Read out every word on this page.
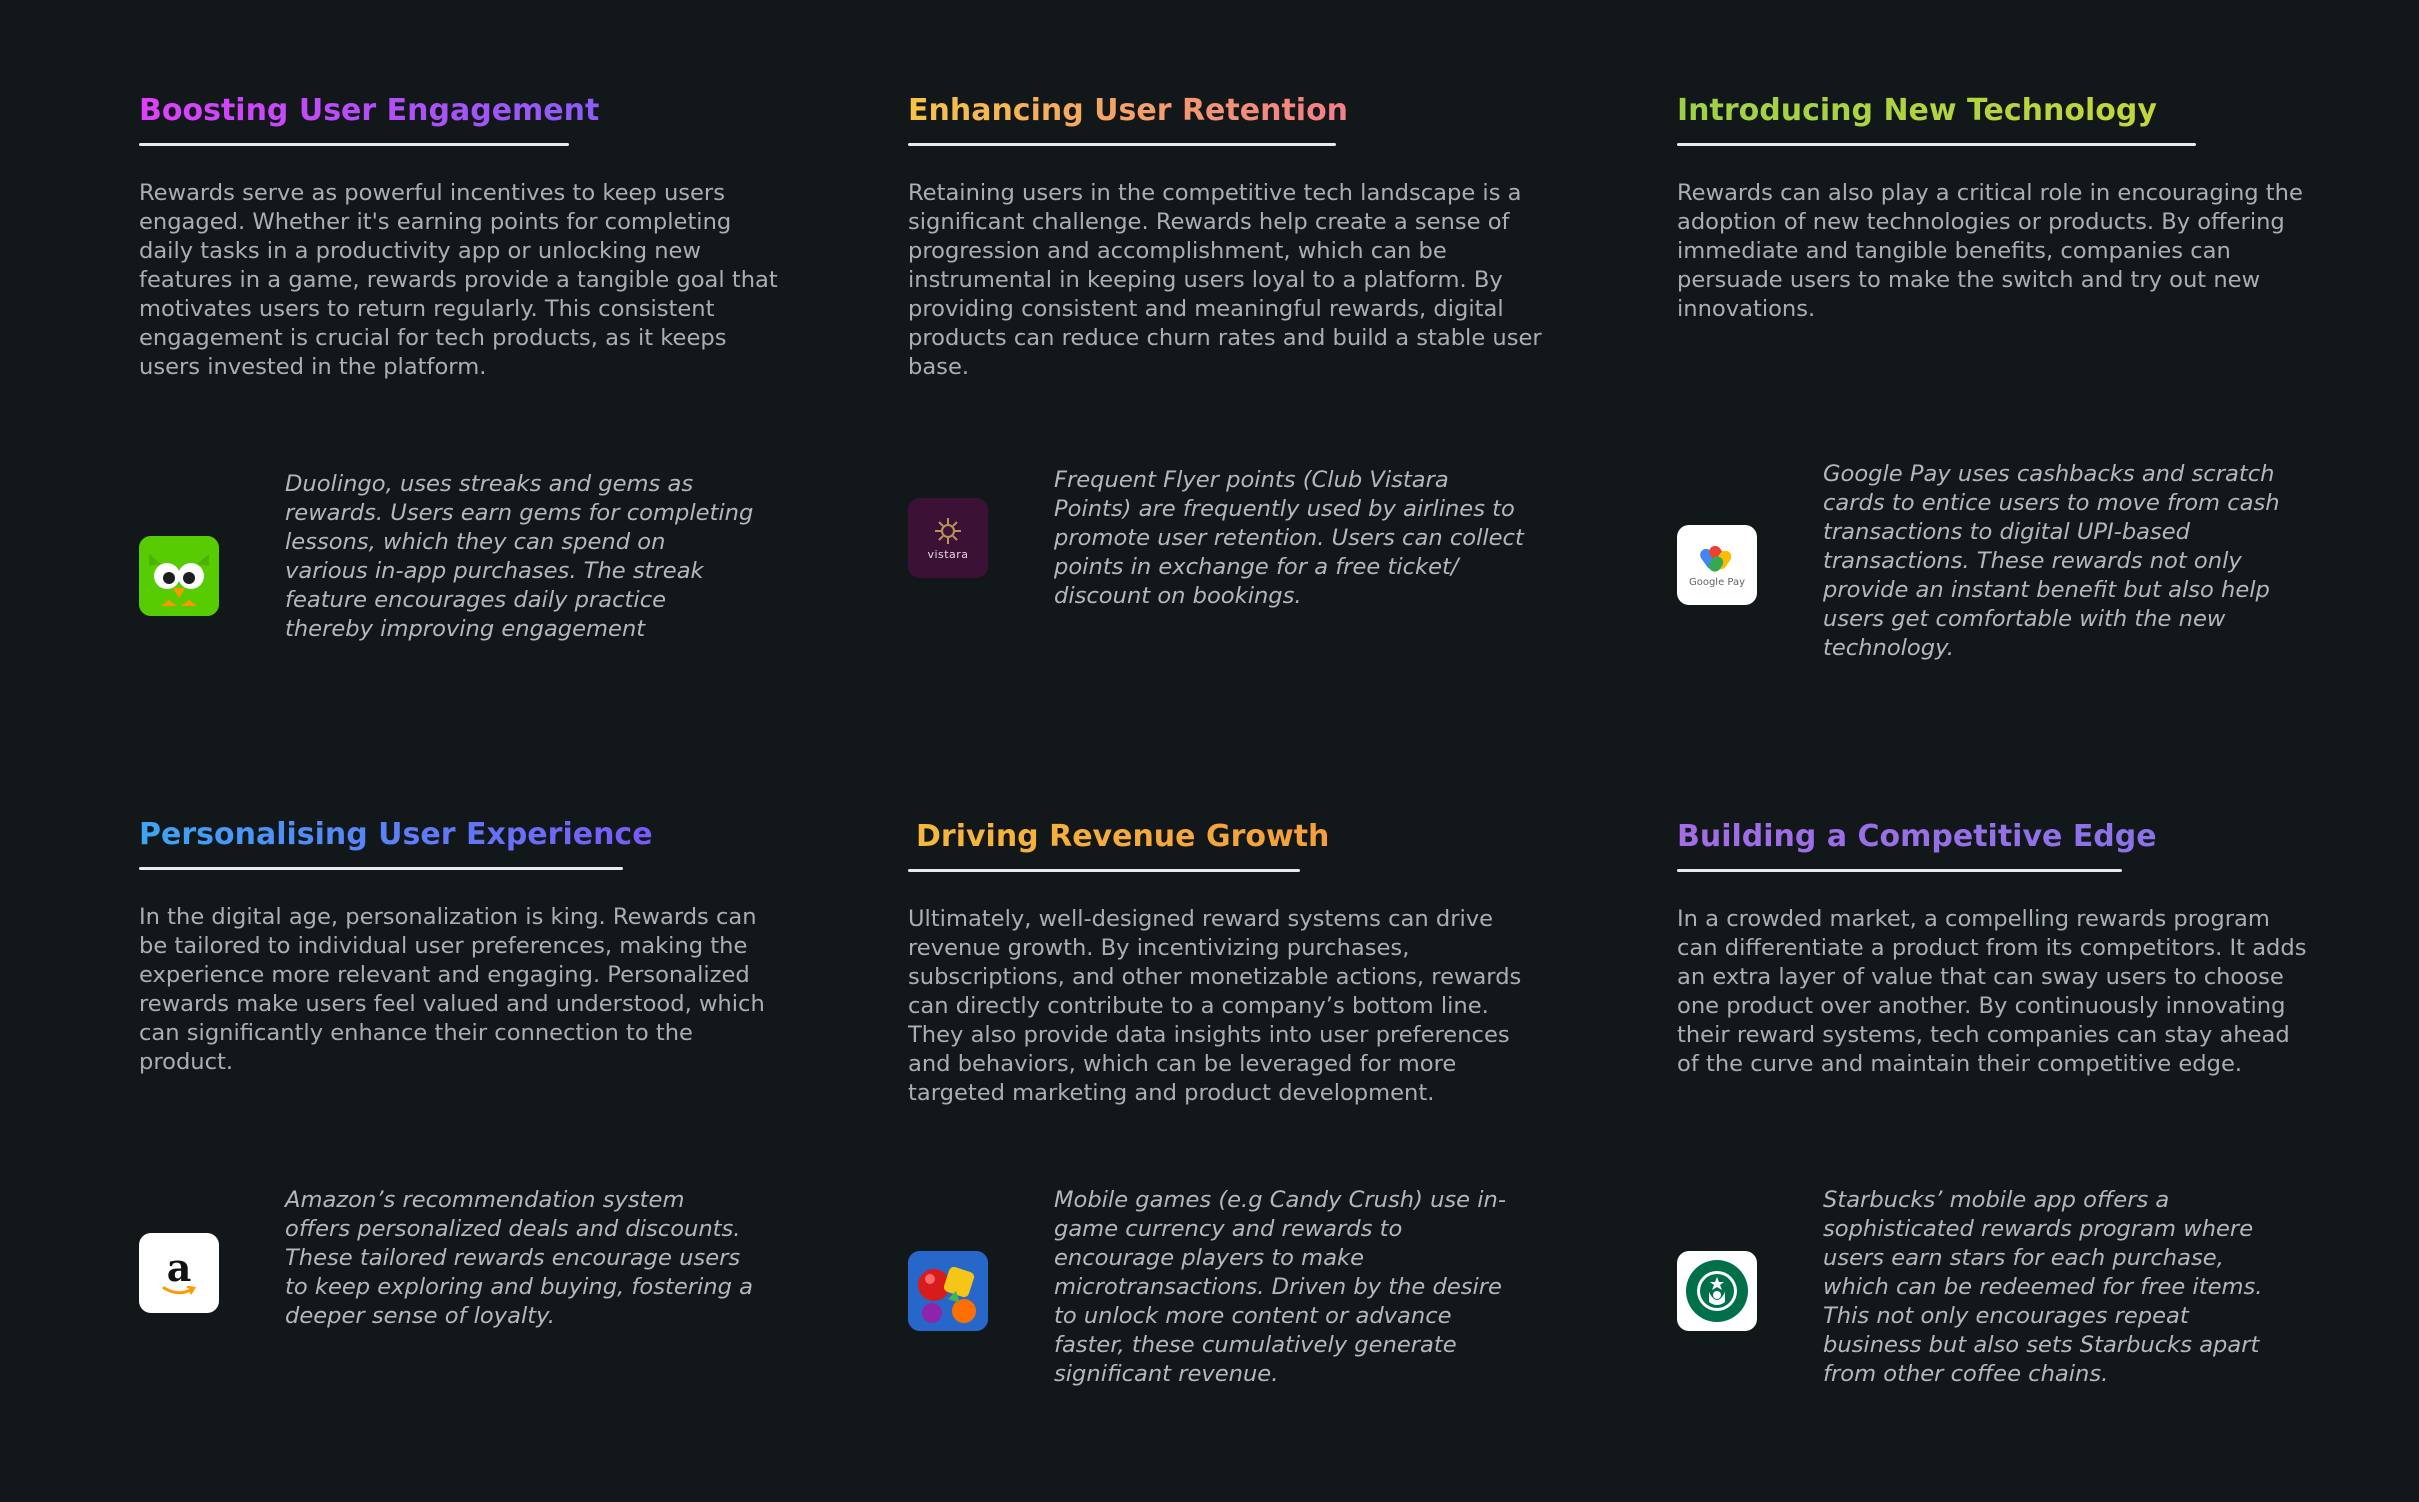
Boosting User Engagement
Rewards serve as powerful incentives to keep users engaged. Whether it's earning points for completing daily tasks in a productivity app or unlocking new features in a game, rewards provide a tangible goal that motivates users to return regularly. This consistent engagement is crucial for tech products, as it keeps users invested in the platform.
Duolingo, uses streaks and gems as rewards. Users earn gems for completing lessons, which they can spend on various in-app purchases. The streak feature encourages daily practice thereby improving engagement
Enhancing User Retention
Retaining users in the competitive tech landscape is a significant challenge. Rewards help create a sense of progression and accomplishment, which can be instrumental in keeping users loyal to a platform. By providing consistent and meaningful rewards, digital products can reduce churn rates and build a stable user base.
vistara
Frequent Flyer points (Club Vistara Points) are frequently used by airlines to promote user retention. Users can collect points in exchange for a free ticket/ discount on bookings.
Introducing New Technology
Rewards can also play a critical role in encouraging the adoption of new technologies or products. By offering immediate and tangible benefits, companies can persuade users to make the switch and try out new innovations.
Google Pay
Google Pay uses cashbacks and scratch cards to entice users to move from cash transactions to digital UPI-based transactions. These rewards not only provide an instant benefit but also help users get comfortable with the new technology.
Personalising User Experience
In the digital age, personalization is king. Rewards can be tailored to individual user preferences, making the experience more relevant and engaging. Personalized rewards make users feel valued and understood, which can significantly enhance their connection to the product.
a
Amazon’s recommendation system offers personalized deals and discounts. These tailored rewards encourage users to keep exploring and buying, fostering a deeper sense of loyalty.
Driving Revenue Growth
Ultimately, well-designed reward systems can drive revenue growth. By incentivizing purchases, subscriptions, and other monetizable actions, rewards can directly contribute to a company’s bottom line. They also provide data insights into user preferences and behaviors, which can be leveraged for more targeted marketing and product development.
Mobile games (e.g Candy Crush) use in-game currency and rewards to encourage players to make microtransactions. Driven by the desire to unlock more content or advance faster, these cumulatively generate significant revenue.
Building a Competitive Edge
In a crowded market, a compelling rewards program can differentiate a product from its competitors. It adds an extra layer of value that can sway users to choose one product over another. By continuously innovating their reward systems, tech companies can stay ahead of the curve and maintain their competitive edge.
Starbucks’ mobile app offers a sophisticated rewards program where users earn stars for each purchase, which can be redeemed for free items. This not only encourages repeat business but also sets Starbucks apart from other coffee chains.
